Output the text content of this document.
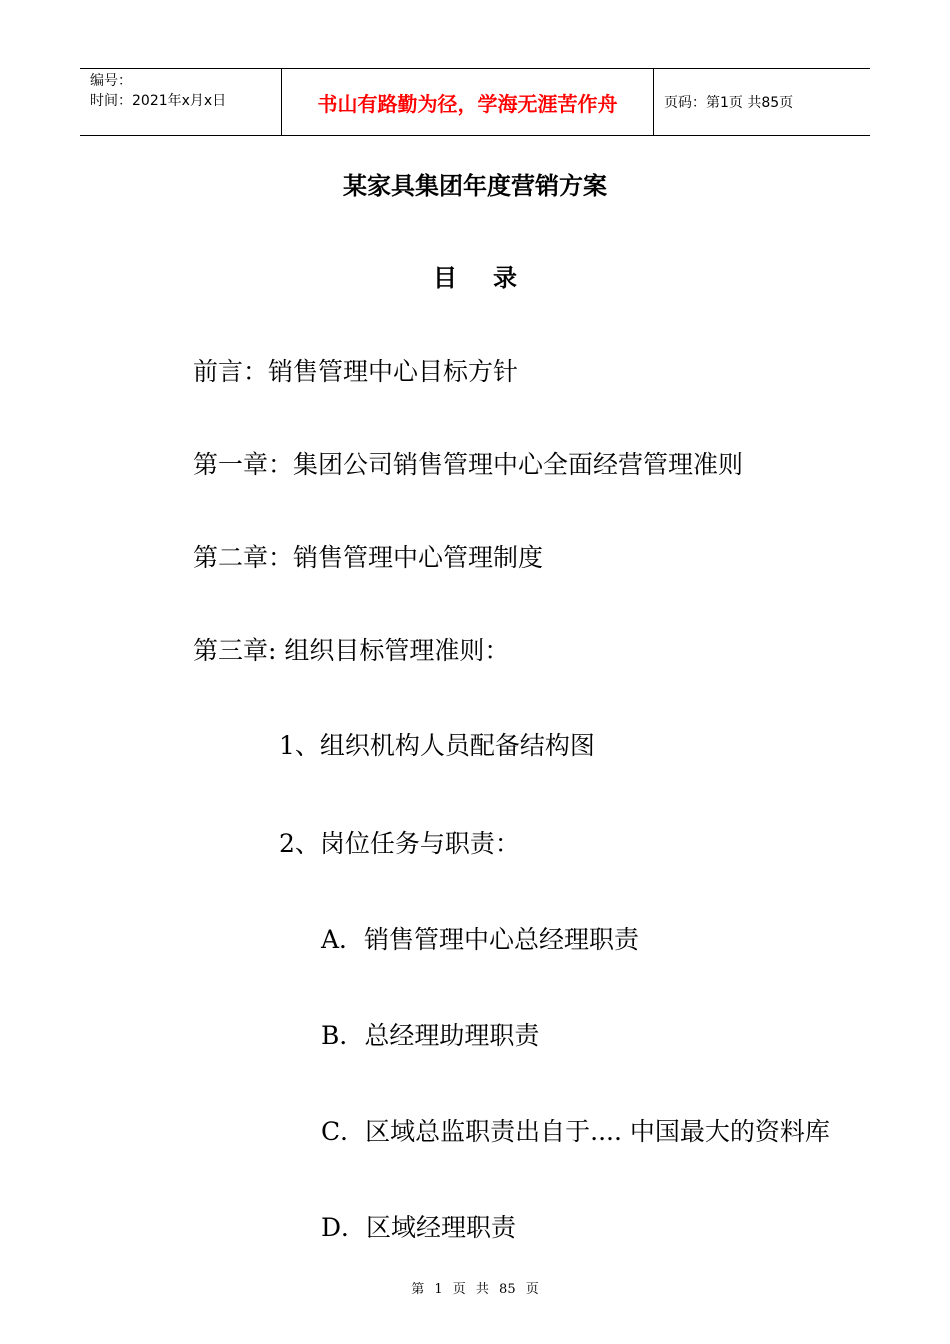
编号：
时间：2021年x月x日	书山有路勤为径，学海无涯苦作舟	页码：第1页 共85页
某家具集团年度营销方案
目录
前言：销售管理中心目标方针
第一章：集团公司销售管理中心全面经营管理准则
第二章：销售管理中心管理制度
第三章: 组织目标管理准则：
1、组织机构人员配备结构图
2、岗位任务与职责：
A．销售管理中心总经理职责
B．总经理助理职责
C．区域总监职责出自于.... 中国最大的资料库
D．区域经理职责
第 1 页 共 85 页
